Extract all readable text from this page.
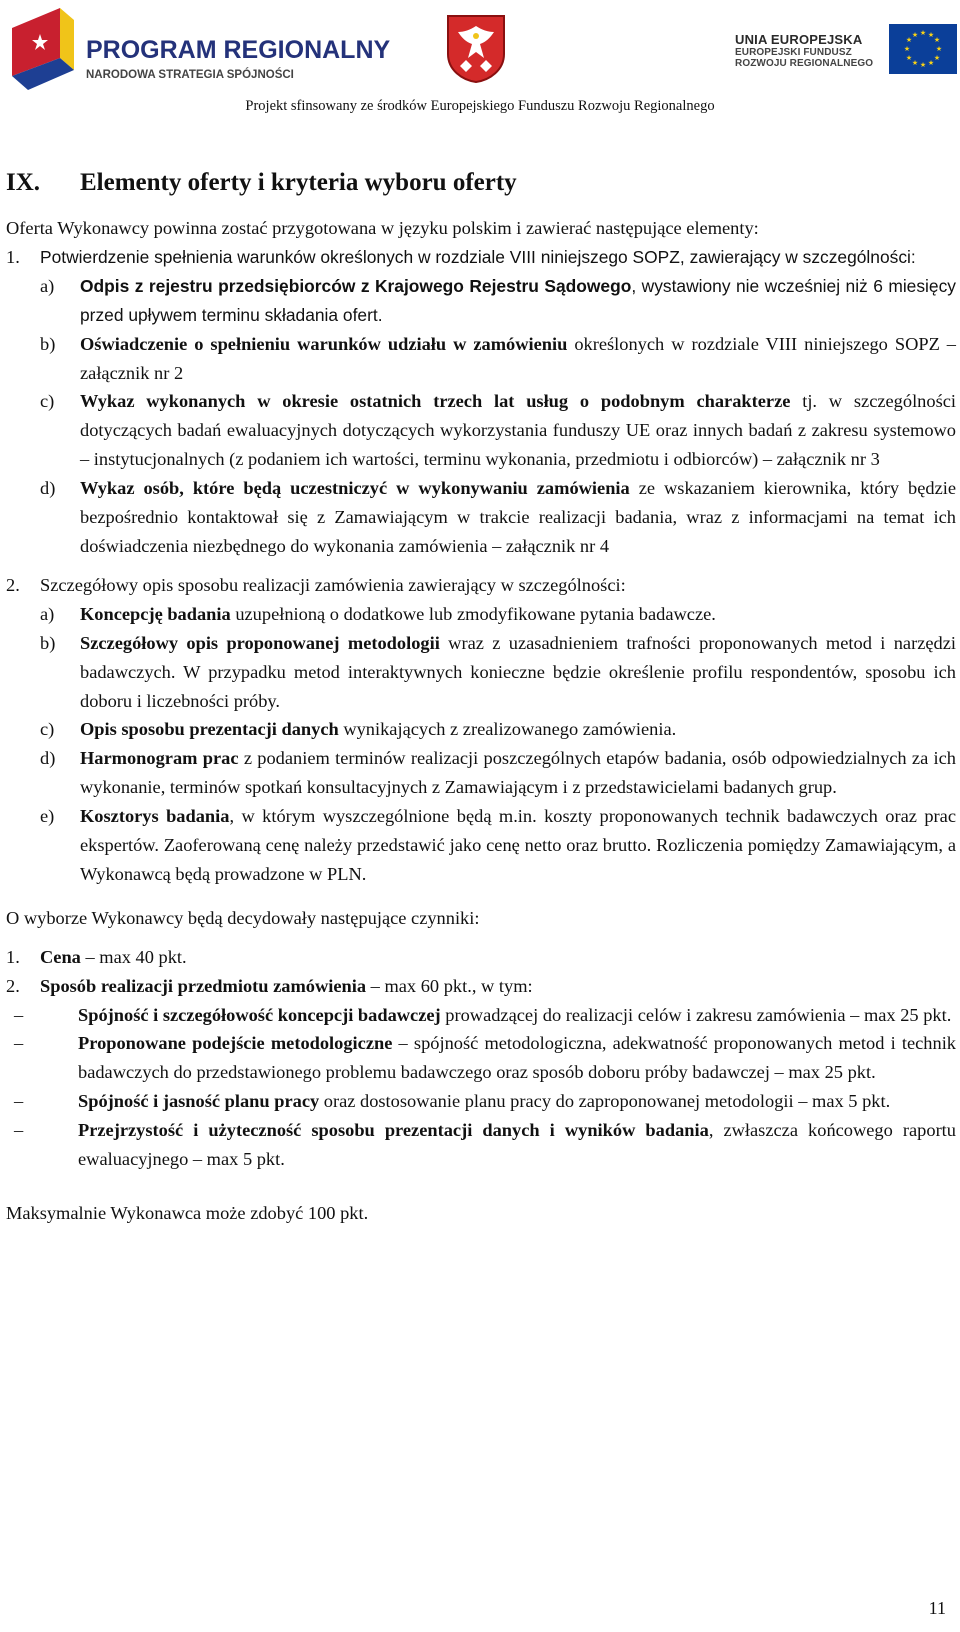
PROGRAM REGIONALNY
NARODOWA STRATEGIA SPÓJNOŚCI
UNIA EUROPEJSKA
EUROPEJSKI FUNDUSZ
ROZWOJU REGIONALNEGO
★ ★
★
★
★
★
★
★
★
★
★
★
Projekt sfinsowany ze środków Europejskiego Funduszu Rozwoju Regionalnego
IX. Elementy oferty i kryteria wyboru oferty

Oferta Wykonawcy powinna zostać przygotowana w języku polskim i zawierać następujące elementy:

1.	Potwierdzenie spełnienia warunków określonych w rozdziale VIII niniejszego SOPZ, zawierający w szczególności:
a)	Odpis z rejestru przedsiębiorców z Krajowego Rejestru Sądowego, wystawiony nie wcześniej niż 6 miesięcy przed upływem terminu składania ofert.
b)	Oświadczenie o spełnieniu warunków udziału w zamówieniu określonych w rozdziale VIII niniejszego SOPZ – załącznik nr 2
c)	Wykaz wykonanych w okresie ostatnich trzech lat usług o podobnym charakterze tj. w szczególności dotyczących badań ewaluacyjnych dotyczących wykorzystania funduszy UE oraz innych badań z zakresu systemowo – instytucjonalnych (z podaniem ich wartości, terminu wykonania, przedmiotu i odbiorców) – załącznik nr 3
d)	Wykaz osób, które będą uczestniczyć w wykonywaniu zamówienia ze wskazaniem kierownika, który będzie bezpośrednio kontaktował się z Zamawiającym w trakcie realizacji badania, wraz z informacjami na temat ich doświadczenia niezbędnego do wykonania zamówienia – załącznik nr 4
2.	Szczegółowy opis sposobu realizacji zamówienia zawierający w szczególności:
a)	Koncepcję badania uzupełnioną o dodatkowe lub zmodyfikowane pytania badawcze.
b)	Szczegółowy opis proponowanej metodologii wraz z uzasadnieniem trafności proponowanych metod i narzędzi badawczych. W przypadku metod interaktywnych konieczne będzie określenie profilu respondentów, sposobu ich doboru i liczebności próby.
c)	Opis sposobu prezentacji danych wynikających z zrealizowanego zamówienia.
d)	Harmonogram prac z podaniem terminów realizacji poszczególnych etapów badania, osób odpowiedzialnych za ich wykonanie, terminów spotkań konsultacyjnych z Zamawiającym i z przedstawicielami badanych grup.
e)	Kosztorys badania, w którym wyszczególnione będą m.in. koszty proponowanych technik badawczych oraz prac ekspertów. Zaoferowaną cenę należy przedstawić jako cenę netto oraz brutto. Rozliczenia pomiędzy Zamawiającym, a Wykonawcą będą prowadzone w PLN.

O wyborze Wykonawcy będą decydowały następujące czynniki:

1.	Cena – max 40 pkt.
2.	Sposób realizacji przedmiotu zamówienia – max 60 pkt., w tym:
–	Spójność i szczegółowość koncepcji badawczej prowadzącej do realizacji celów i zakresu zamówienia – max 25 pkt.
–	Proponowane podejście metodologiczne – spójność metodologiczna, adekwatność proponowanych metod i technik badawczych do przedstawionego problemu badawczego oraz sposób doboru próby badawczej – max 25 pkt.
–	Spójność i jasność planu pracy oraz dostosowanie planu pracy do zaproponowanej metodologii – max 5 pkt.
–	Przejrzystość i użyteczność sposobu prezentacji danych i wyników badania, zwłaszcza końcowego raportu ewaluacyjnego – max 5 pkt.

Maksymalnie Wykonawca może zdobyć 100 pkt.

11
